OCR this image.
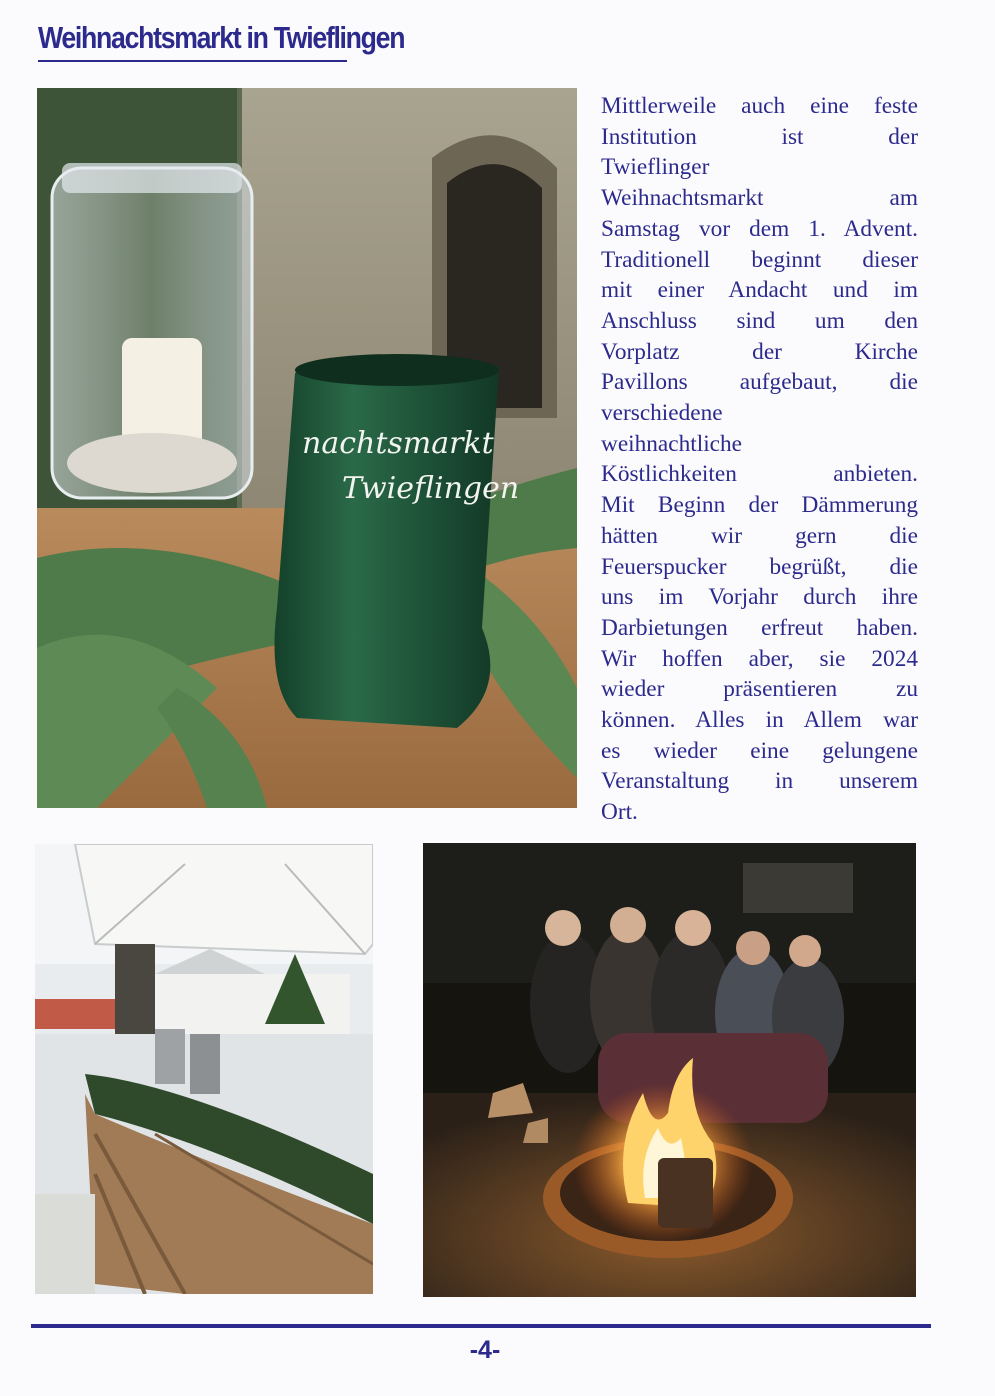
Weihnachtsmarkt in Twieflingen
nachtsmarkt
Twieflingen
Mittlerweile auch eine feste
Institution ist der
Twieflinger
Weihnachtsmarkt am
Samstag vor dem 1. Advent.
Traditionell beginnt dieser
mit einer Andacht und im
Anschluss sind um den
Vorplatz der Kirche
Pavillons aufgebaut, die
verschiedene
weihnachtliche
Köstlichkeiten anbieten.
Mit Beginn der Dämmerung
hätten wir gern die
Feuerspucker begrüßt, die
uns im Vorjahr durch ihre
Darbietungen erfreut haben.
Wir hoffen aber, sie 2024
wieder präsentieren zu
können. Alles in Allem war
es wieder eine gelungene
Veranstaltung in unserem
Ort.
-4-
